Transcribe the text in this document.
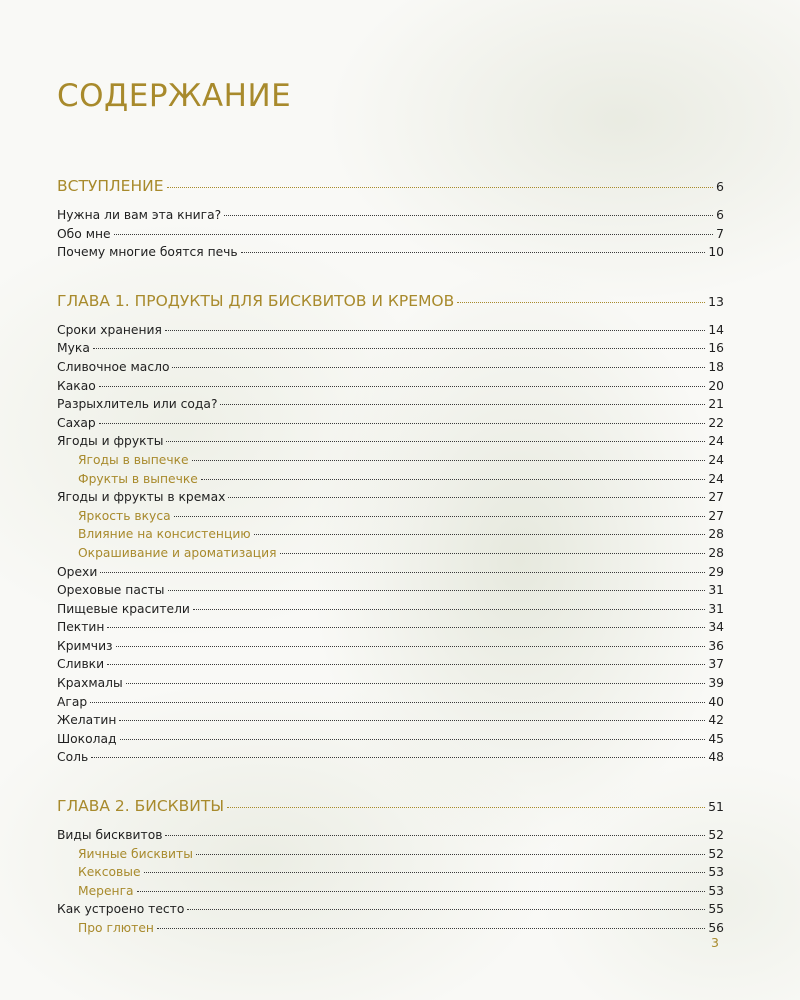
СОДЕРЖАНИЕ
ВСТУПЛЕНИЕ	6
Нужна ли вам эта книга?	6
Обо мне	7
Почему многие боятся печь	10
ГЛАВА 1. ПРОДУКТЫ ДЛЯ БИСКВИТОВ И КРЕМОВ	13
Сроки хранения	14
Мука	16
Сливочное масло	18
Какао	20
Разрыхлитель или сода?	21
Сахар	22
Ягоды и фрукты	24
Ягоды в выпечке	24
Фрукты в выпечке	24
Ягоды и фрукты в кремах	27
Яркость вкуса	27
Влияние на консистенцию	28
Окрашивание и ароматизация	28
Орехи	29
Ореховые пасты	31
Пищевые красители	31
Пектин	34
Кримчиз	36
Сливки	37
Крахмалы	39
Агар	40
Желатин	42
Шоколад	45
Соль	48
ГЛАВА 2. БИСКВИТЫ	51
Виды бисквитов	52
Яичные бисквиты	52
Кексовые	53
Меренга	53
Как устроено тесто	55
Про глютен	56
3
